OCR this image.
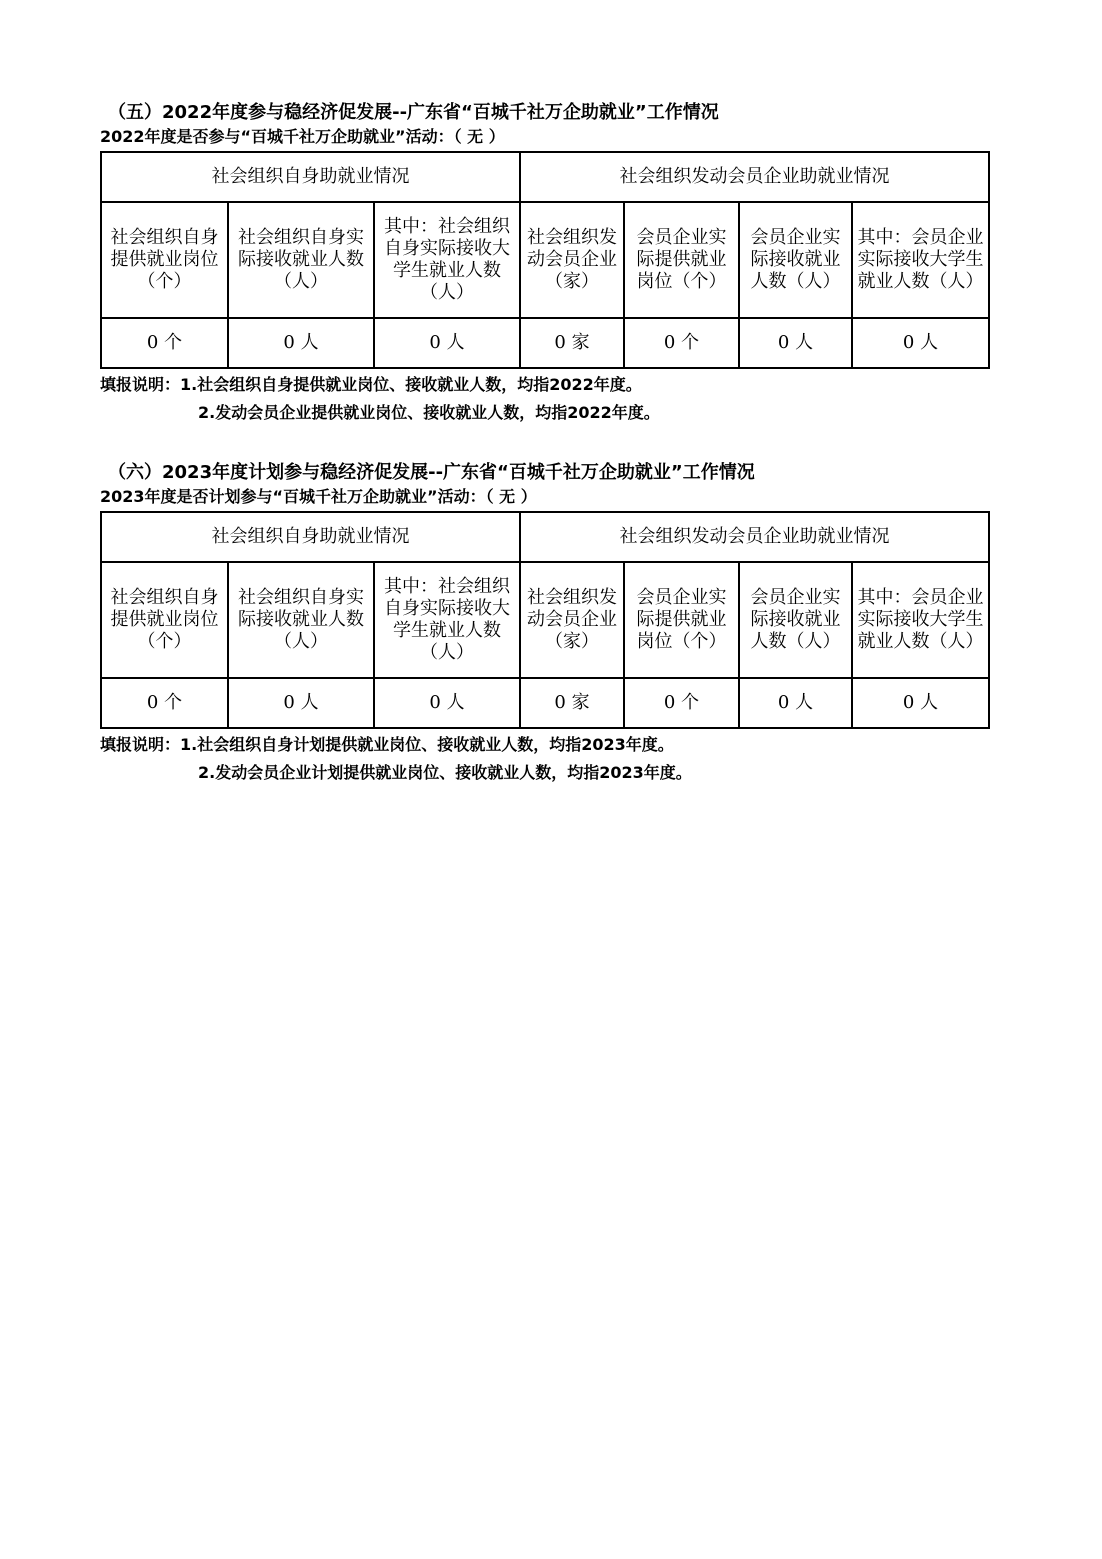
（五）2022年度参与稳经济促发展--广东省“百城千社万企助就业”工作情况
2022年度是否参与“百城千社万企助就业”活动：（ 无 ）
社会组织自身助就业情况			社会组织发动会员企业助就业情况			
社会组织自身提供就业岗位（个）	社会组织自身实际接收就业人数（人）	其中：社会组织自身实际接收大学生就业人数（人）	社会组织发动会员企业（家）	会员企业实际提供就业岗位（个）	会员企业实际接收就业人数（人）	其中：会员企业实际接收大学生就业人数（人）
0 个	0 人	0 人	0 家	0 个	0 人	0 人
填报说明：1.社会组织自身提供就业岗位、接收就业人数，均指2022年度。
2.发动会员企业提供就业岗位、接收就业人数，均指2022年度。
（六）2023年度计划参与稳经济促发展--广东省“百城千社万企助就业”工作情况
2023年度是否计划参与“百城千社万企助就业”活动：（ 无 ）
社会组织自身助就业情况			社会组织发动会员企业助就业情况			
社会组织自身提供就业岗位（个）	社会组织自身实际接收就业人数（人）	其中：社会组织自身实际接收大学生就业人数（人）	社会组织发动会员企业（家）	会员企业实际提供就业岗位（个）	会员企业实际接收就业人数（人）	其中：会员企业实际接收大学生就业人数（人）
0 个	0 人	0 人	0 家	0 个	0 人	0 人
填报说明：1.社会组织自身计划提供就业岗位、接收就业人数，均指2023年度。
2.发动会员企业计划提供就业岗位、接收就业人数，均指2023年度。
